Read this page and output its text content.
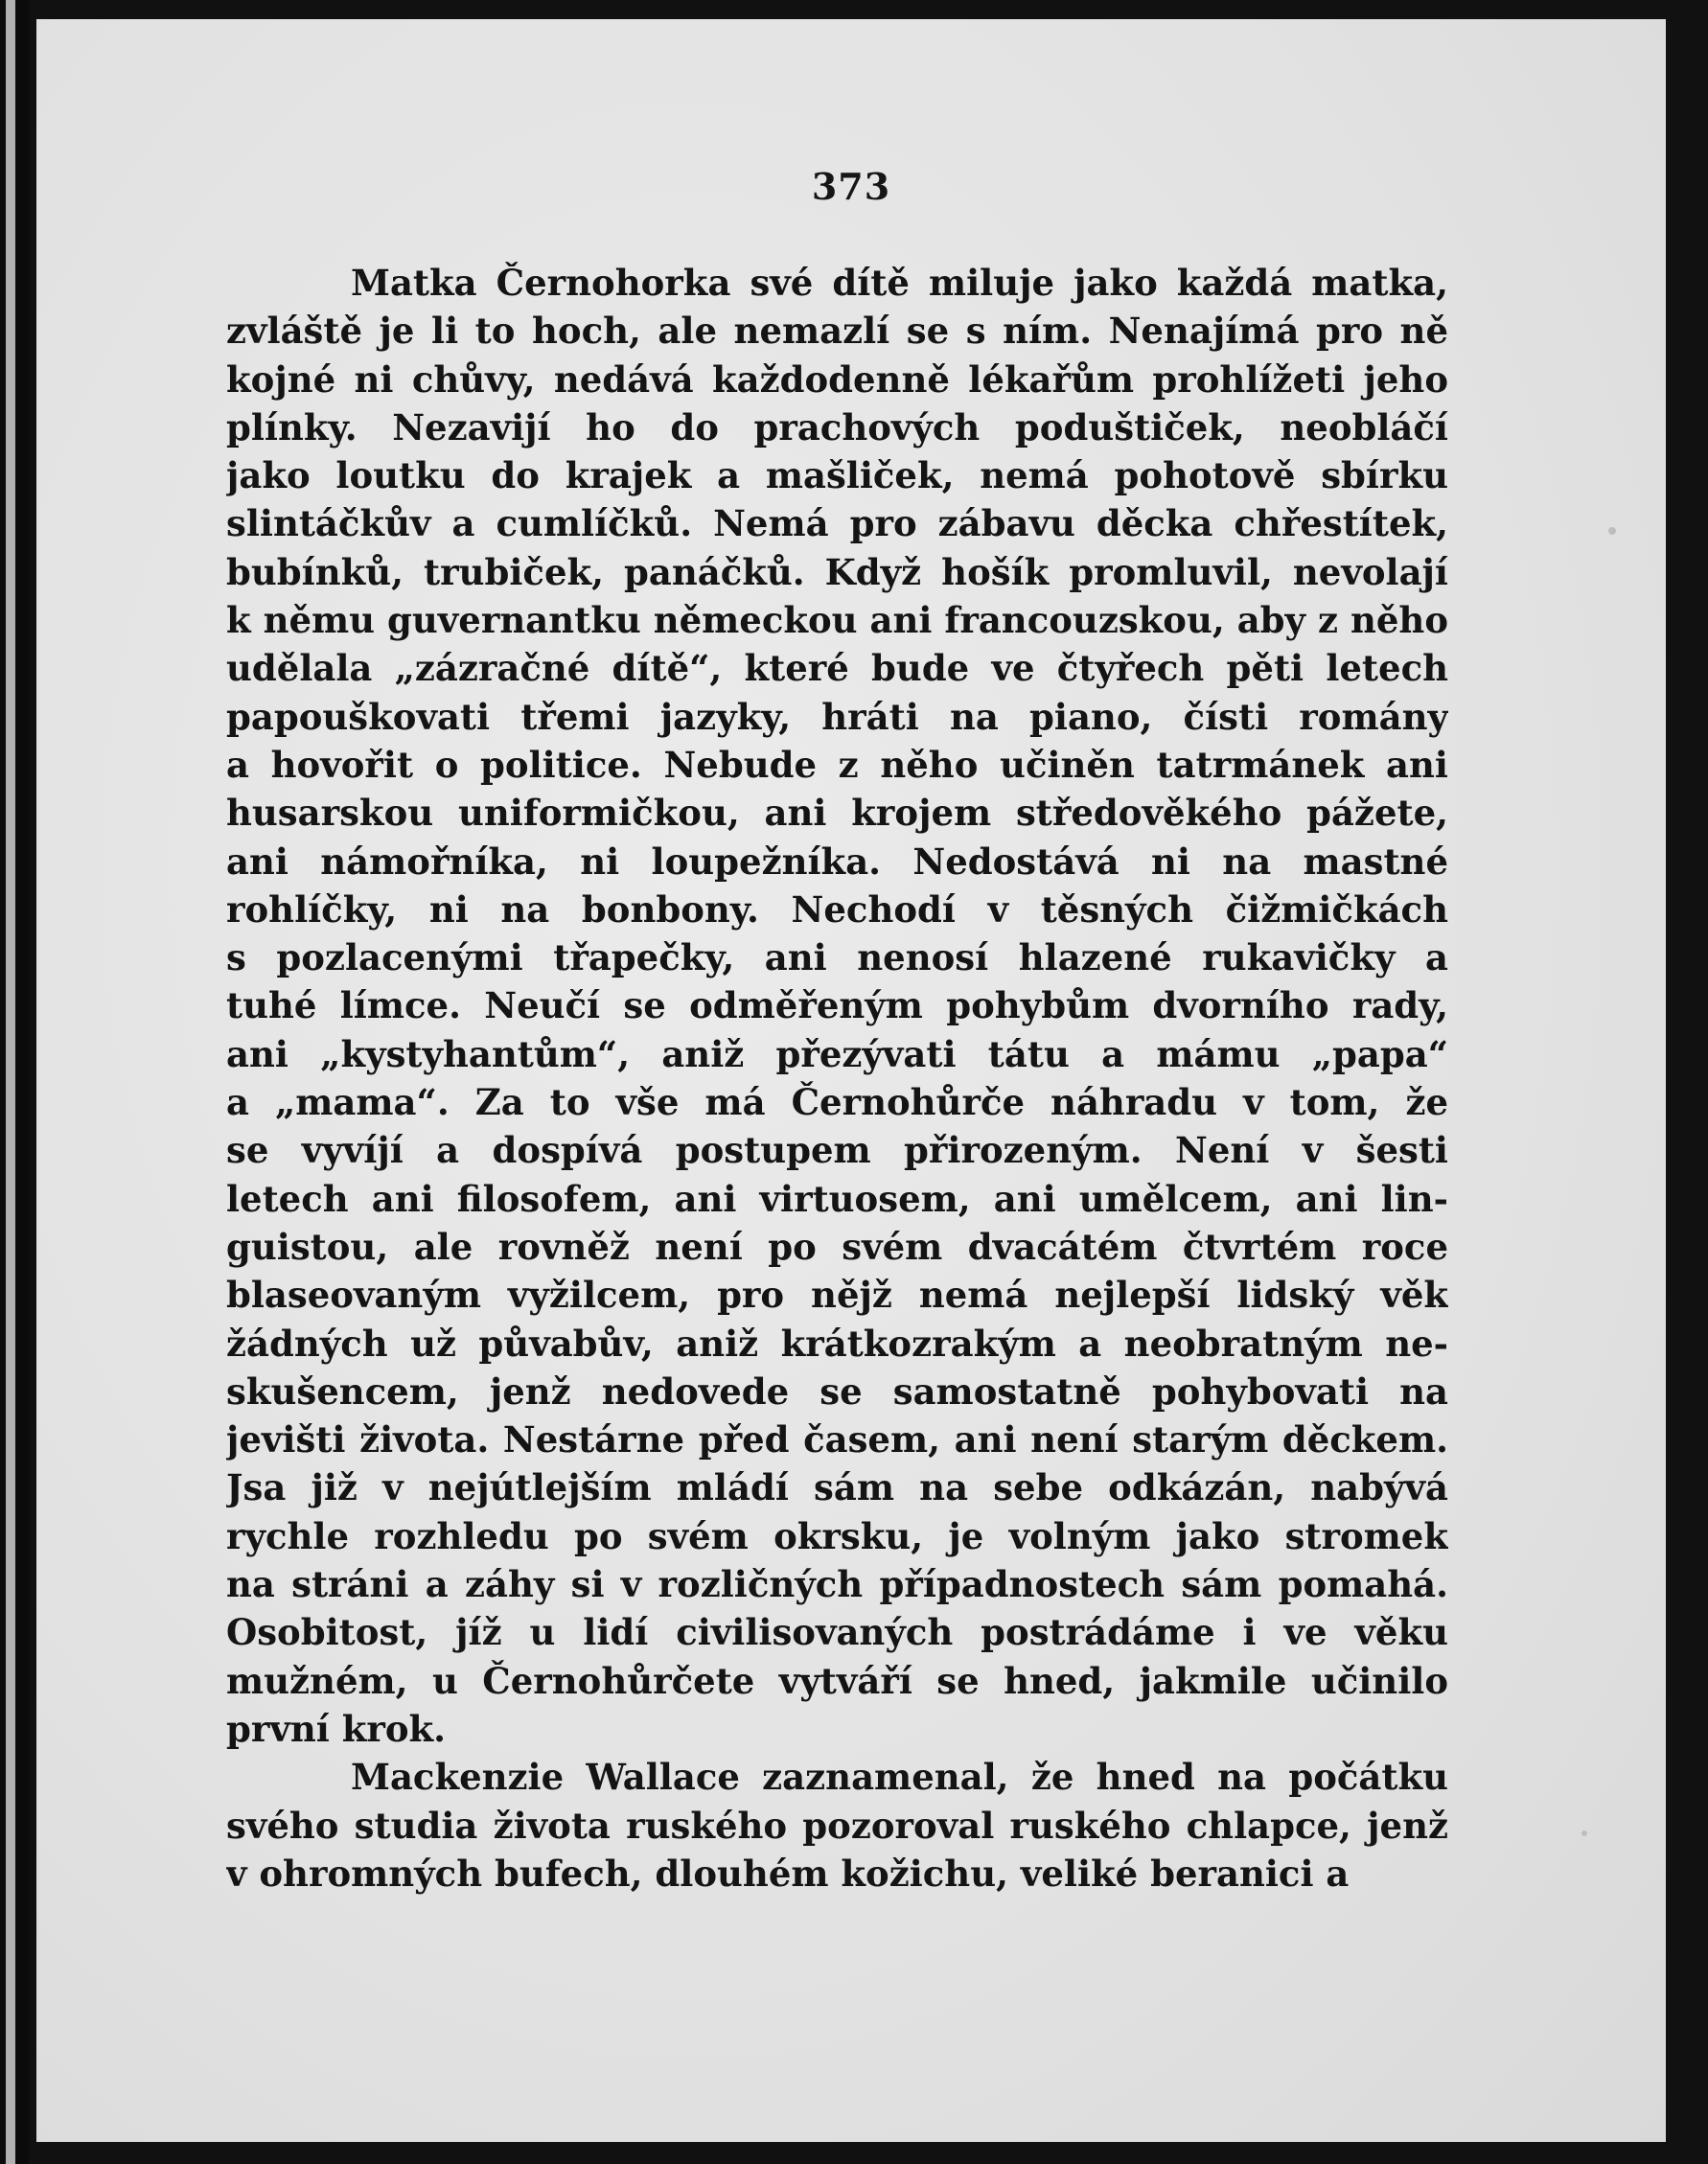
373
Matka Černohorka své dítě miluje jako každá matka,
zvláště je li to hoch, ale nemazlí se s ním. Nenajímá pro ně
kojné ni chůvy, nedává každodenně lékařům prohlížeti jeho
plínky. Nezavijí ho do prachových poduštiček, neobláčí
jako loutku do krajek a mašliček, nemá pohotově sbírku
slintáčkův a cumlíčků. Nemá pro zábavu děcka chřestítek,
bubínků, trubiček, panáčků. Když hošík promluvil, nevolají
k němu guvernantku německou ani francouzskou, aby z něho
udělala „zázračné dítě“, které bude ve čtyřech pěti letech
papouškovati třemi jazyky, hráti na piano, čísti romány
a hovořit o politice. Nebude z něho učiněn tatrmánek ani
husarskou uniformičkou, ani krojem středověkého pážete,
ani námořníka, ni loupežníka. Nedostává ni na mastné
rohlíčky, ni na bonbony. Nechodí v těsných čižmičkách
s pozlacenými třapečky, ani nenosí hlazené rukavičky a
tuhé límce. Neučí se odměřeným pohybům dvorního rady,
ani „kystyhantům“, aniž přezývati tátu a mámu „papa“
a „mama“. Za to vše má Černohůrče náhradu v tom, že
se vyvíjí a dospívá postupem přirozeným. Není v šesti
letech ani filosofem, ani virtuosem, ani umělcem, ani lin-
guistou, ale rovněž není po svém dvacátém čtvrtém roce
blaseovaným vyžilcem, pro nějž nemá nejlepší lidský věk
žádných už půvabův, aniž krátkozrakým a neobratným ne-
skušencem, jenž nedovede se samostatně pohybovati na
jevišti života. Nestárne před časem, ani není starým děckem.
Jsa již v nejútlejším mládí sám na sebe odkázán, nabývá
rychle rozhledu po svém okrsku, je volným jako stromek
na stráni a záhy si v rozličných případnostech sám pomahá.
Osobitost, jíž u lidí civilisovaných postrádáme i ve věku
mužném, u Černohůrčete vytváří se hned, jakmile učinilo
první krok.
Mackenzie Wallace zaznamenal, že hned na počátku
svého studia života ruského pozoroval ruského chlapce, jenž
v ohromných bufech, dlouhém kožichu, veliké beranici a
